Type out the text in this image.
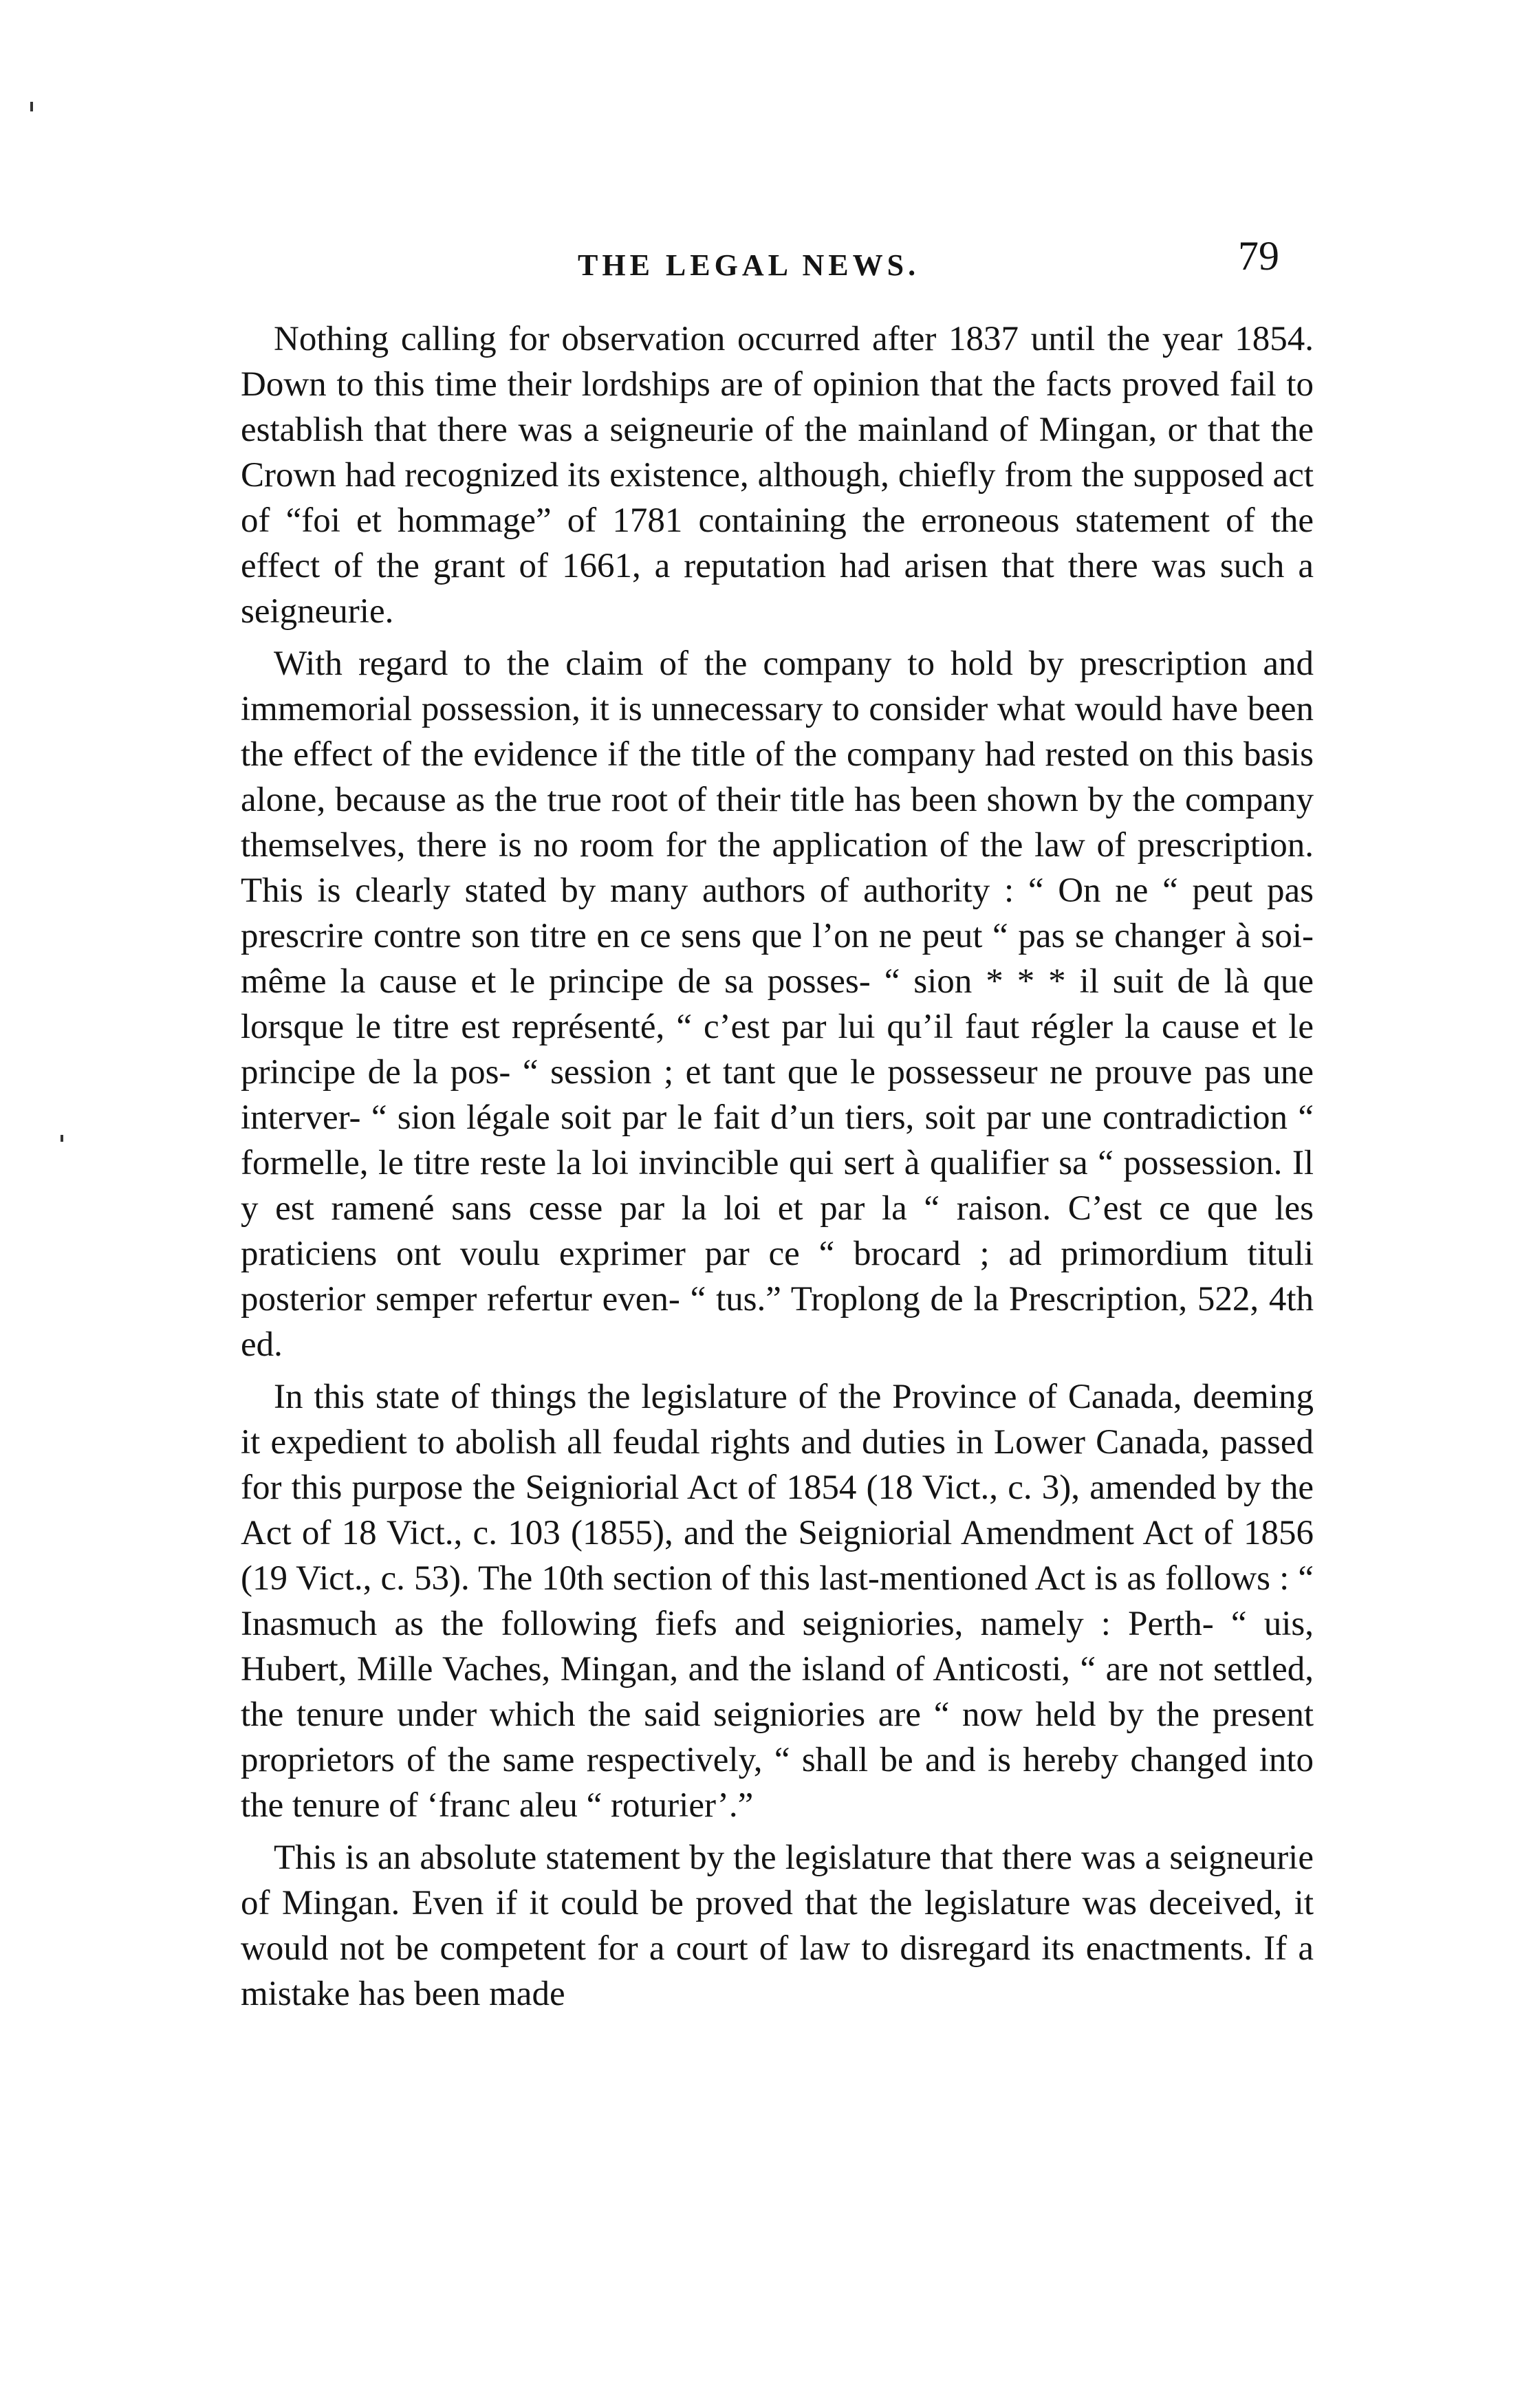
THE LEGAL NEWS.	79

Nothing calling for observation occurred after 1837 until the year 1854. Down to this time their lordships are of opinion that the facts proved fail to establish that there was a seigneurie of the mainland of Mingan, or that the Crown had recognized its existence, although, chiefly from the supposed act of “foi et hommage” of 1781 containing the erroneous statement of the effect of the grant of 1661, a reputation had arisen that there was such a seigneurie.

With regard to the claim of the company to hold by prescription and immemorial possession, it is unnecessary to consider what would have been the effect of the evidence if the title of the company had rested on this basis alone, because as the true root of their title has been shown by the company themselves, there is no room for the application of the law of prescription. This is clearly stated by many authors of authority : “ On ne “ peut pas prescrire contre son titre en ce sens que l’on ne peut “ pas se changer à soi-même la cause et le principe de sa posses- “ sion * * * il suit de là que lorsque le titre est représenté, “ c’est par lui qu’il faut régler la cause et le principe de la pos- “ session ; et tant que le possesseur ne prouve pas une interver- “ sion légale soit par le fait d’un tiers, soit par une contradiction “ formelle, le titre reste la loi invincible qui sert à qualifier sa “ possession. Il y est ramené sans cesse par la loi et par la “ raison. C’est ce que les praticiens ont voulu exprimer par ce “ brocard ; ad primordium tituli posterior semper refertur even- “ tus.” Troplong de la Prescription, 522, 4th ed.

In this state of things the legislature of the Province of Canada, deeming it expedient to abolish all feudal rights and duties in Lower Canada, passed for this purpose the Seigniorial Act of 1854 (18 Vict., c. 3), amended by the Act of 18 Vict., c. 103 (1855), and the Seigniorial Amendment Act of 1856 (19 Vict., c. 53). The 10th section of this last-mentioned Act is as follows : “ Inasmuch as the following fiefs and seigniories, namely : Perth- “ uis, Hubert, Mille Vaches, Mingan, and the island of Anticosti, “ are not settled, the tenure under which the said seigniories are “ now held by the present proprietors of the same respectively, “ shall be and is hereby changed into the tenure of ‘franc aleu “ roturier’.”

This is an absolute statement by the legislature that there was a seigneurie of Mingan. Even if it could be proved that the legislature was deceived, it would not be competent for a court of law to disregard its enactments. If a mistake has been made
